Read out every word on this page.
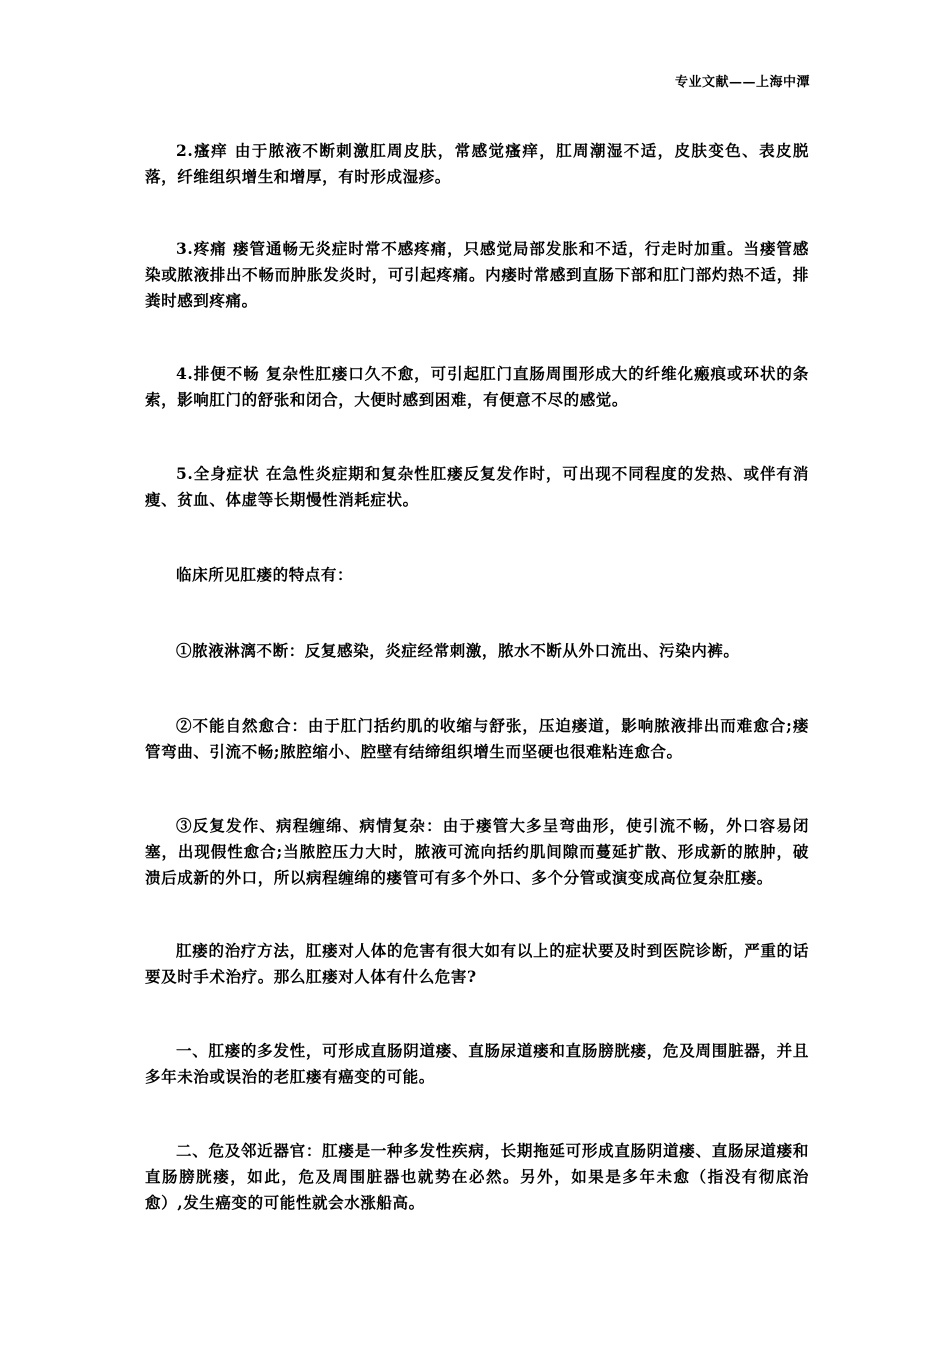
专业文献——上海中潭

2.瘙痒 由于脓液不断刺激肛周皮肤，常感觉瘙痒，肛周潮湿不适，皮肤变色、表皮脱落，纤维组织增生和增厚，有时形成湿疹。

3.疼痛 瘘管通畅无炎症时常不感疼痛，只感觉局部发胀和不适，行走时加重。当瘘管感染或脓液排出不畅而肿胀发炎时，可引起疼痛。内瘘时常感到直肠下部和肛门部灼热不适，排粪时感到疼痛。

4.排便不畅 复杂性肛瘘口久不愈，可引起肛门直肠周围形成大的纤维化瘢痕或环状的条索，影响肛门的舒张和闭合，大便时感到困难，有便意不尽的感觉。

5.全身症状 在急性炎症期和复杂性肛瘘反复发作时，可出现不同程度的发热、或伴有消瘦、贫血、体虚等长期慢性消耗症状。

临床所见肛瘘的特点有：

①脓液淋漓不断：反复感染，炎症经常刺激，脓水不断从外口流出、污染内裤。

②不能自然愈合：由于肛门括约肌的收缩与舒张，压迫瘘道，影响脓液排出而难愈合;瘘管弯曲、引流不畅;脓腔缩小、腔壁有结缔组织增生而坚硬也很难粘连愈合。

③反复发作、病程缠绵、病情复杂：由于瘘管大多呈弯曲形，使引流不畅，外口容易闭塞，出现假性愈合;当脓腔压力大时，脓液可流向括约肌间隙而蔓延扩散、形成新的脓肿，破溃后成新的外口，所以病程缠绵的瘘管可有多个外口、多个分管或演变成高位复杂肛瘘。

肛瘘的治疗方法，肛瘘对人体的危害有很大如有以上的症状要及时到医院诊断，严重的话要及时手术治疗。那么肛瘘对人体有什么危害?

一、肛瘘的多发性，可形成直肠阴道瘘、直肠尿道瘘和直肠膀胱瘘，危及周围脏器，并且多年未治或误治的老肛瘘有癌变的可能。

二、危及邻近器官：肛瘘是一种多发性疾病，长期拖延可形成直肠阴道瘘、直肠尿道瘘和直肠膀胱瘘，如此，危及周围脏器也就势在必然。另外，如果是多年未愈（指没有彻底治愈）,发生癌变的可能性就会水涨船高。
